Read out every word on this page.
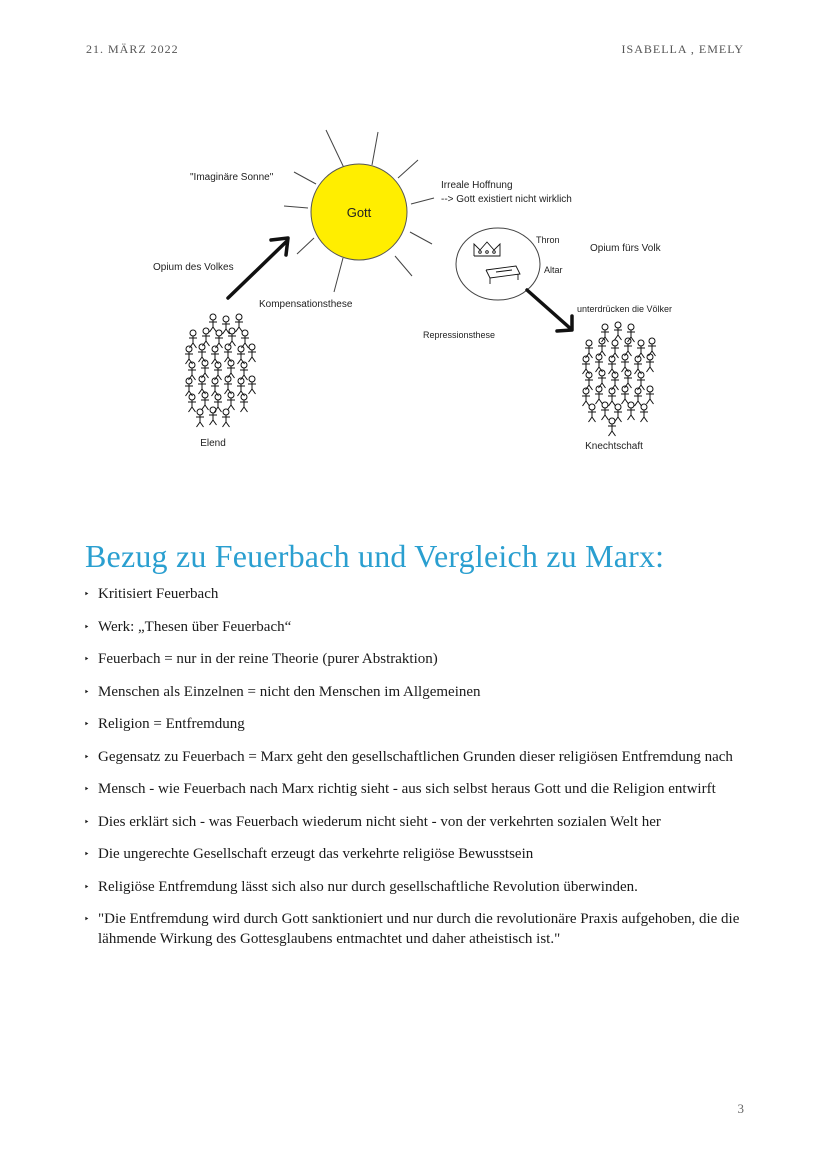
21. MÄRZ 2022	ISABELLA , EMELY
Gott
"Imaginäre Sonne"
Irreale Hoffnung
--> Gott existiert nicht wirklich
Opium des Volkes
Kompensationsthese
Thron
Altar
Opium fürs Volk
unterdrücken die Völker
Repressionsthese
Elend	Knechtschaft
Bezug zu Feuerbach und Vergleich zu Marx:
‣ Kritisiert Feuerbach
‣ Werk: „Thesen über Feuerbach“
‣ Feuerbach = nur in der reine Theorie (purer Abstraktion)
‣ Menschen als Einzelnen = nicht den Menschen im Allgemeinen
‣ Religion = Entfremdung
‣ Gegensatz zu Feuerbach = Marx geht den gesellschaftlichen Grunden dieser religiösen Entfremdung nach
‣ Mensch - wie Feuerbach nach Marx richtig sieht - aus sich selbst heraus Gott und die Religion entwirft
‣ Dies erklärt sich - was Feuerbach wiederum nicht sieht - von der verkehrten sozialen Welt her
‣ Die ungerechte Gesellschaft erzeugt das verkehrte religiöse Bewusstsein
‣ Religiöse Entfremdung lässt sich also nur durch gesellschaftliche Revolution überwinden.
‣ "Die Entfremdung wird durch Gott sanktioniert und nur durch die revolutionäre Praxis aufgehoben, die die lähmende Wirkung des Gottesglaubens entmachtet und daher atheistisch ist."
3
